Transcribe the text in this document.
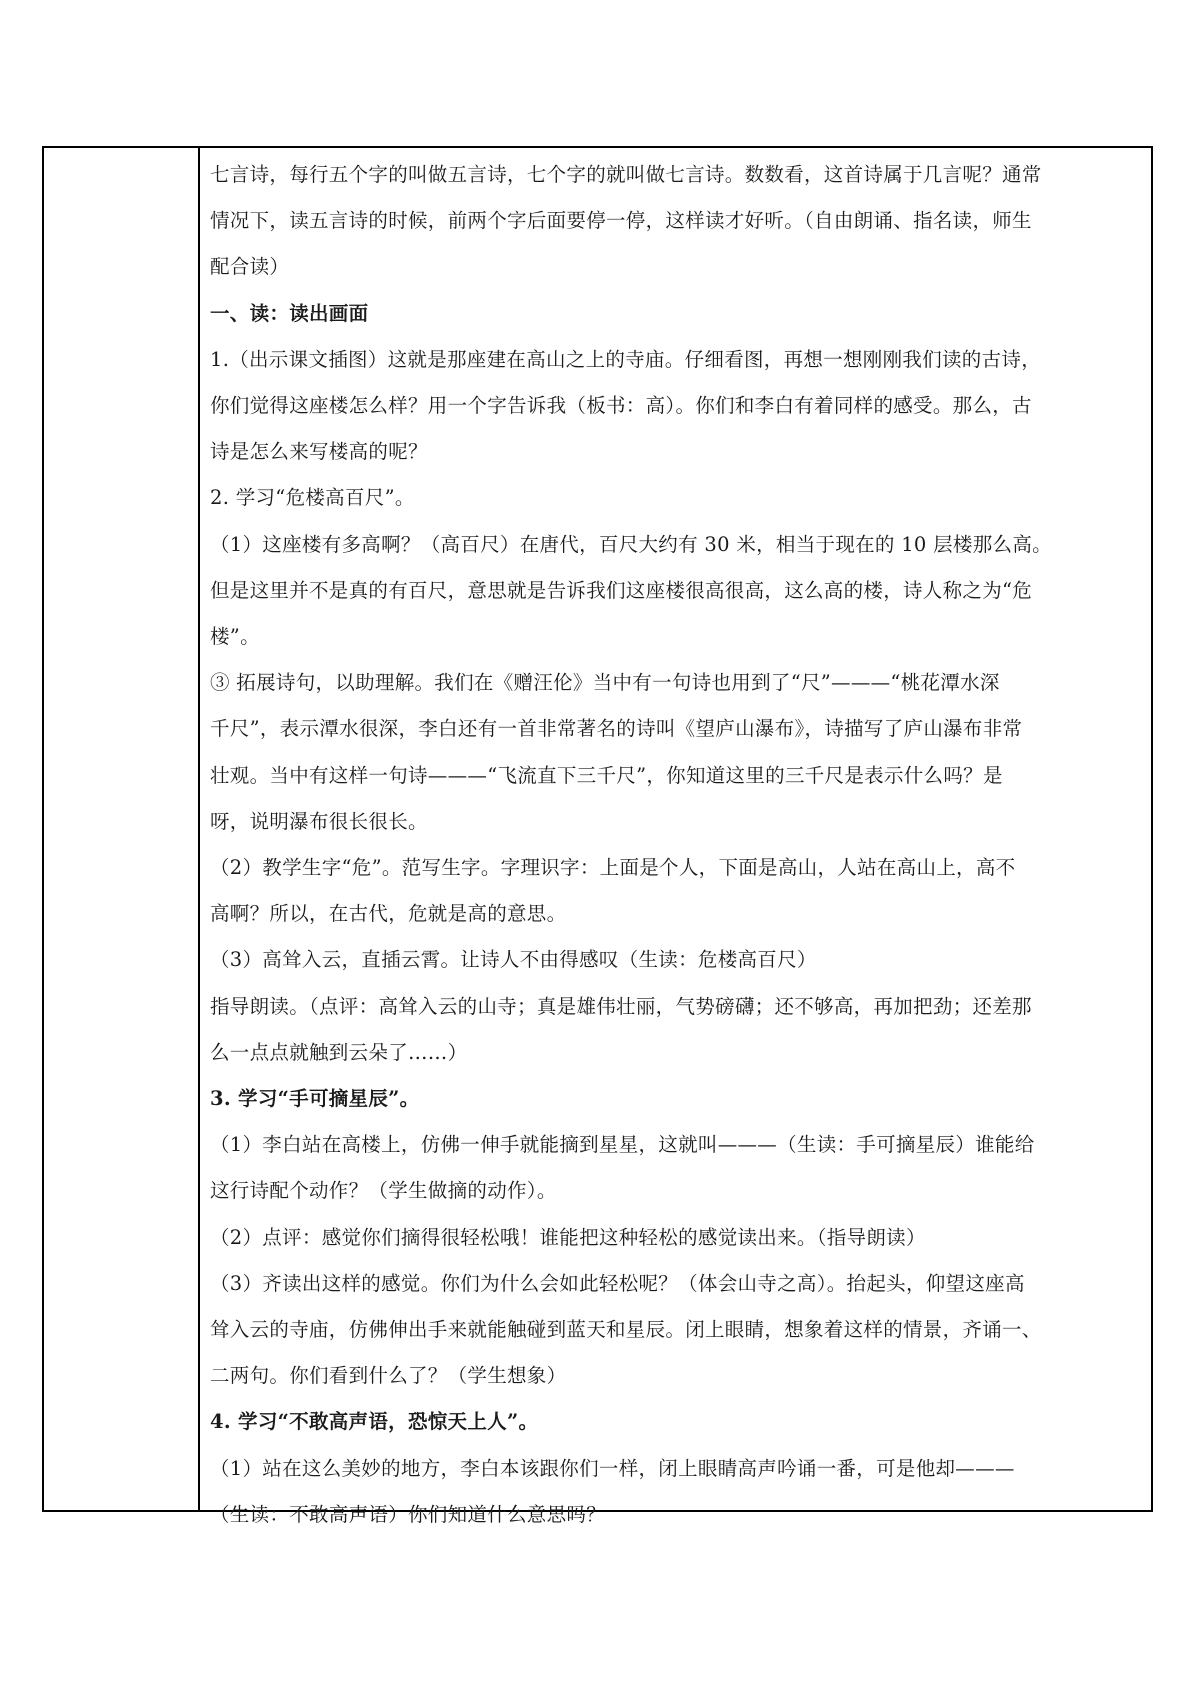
七言诗，每行五个字的叫做五言诗，七个字的就叫做七言诗。数数看，这首诗属于几言呢？通常
情况下，读五言诗的时候，前两个字后面要停一停，这样读才好听。（自由朗诵、指名读，师生
配合读）
一、读：读出画面
1.（出示课文插图）这就是那座建在高山之上的寺庙。仔细看图，再想一想刚刚我们读的古诗，
你们觉得这座楼怎么样？用一个字告诉我（板书：高）。你们和李白有着同样的感受。那么，古
诗是怎么来写楼高的呢？
2. 学习“危楼高百尺”。
（1）这座楼有多高啊？（高百尺）在唐代，百尺大约有 30 米，相当于现在的 10 层楼那么高。
但是这里并不是真的有百尺，意思就是告诉我们这座楼很高很高，这么高的楼，诗人称之为“危
楼”。
③ 拓展诗句，以助理解。我们在《赠汪伦》当中有一句诗也用到了“尺”———“桃花潭水深
千尺”，表示潭水很深，李白还有一首非常著名的诗叫《望庐山瀑布》，诗描写了庐山瀑布非常
壮观。当中有这样一句诗———“飞流直下三千尺”，你知道这里的三千尺是表示什么吗？是
呀，说明瀑布很长很长。
（2）教学生字“危”。范写生字。字理识字：上面是个人，下面是高山，人站在高山上，高不
高啊？所以，在古代，危就是高的意思。
（3）高耸入云，直插云霄。让诗人不由得感叹（生读：危楼高百尺）
指导朗读。（点评：高耸入云的山寺；真是雄伟壮丽，气势磅礴；还不够高，再加把劲；还差那
么一点点就触到云朵了……）
3. 学习“手可摘星辰”。
（1）李白站在高楼上，仿佛一伸手就能摘到星星，这就叫———（生读：手可摘星辰）谁能给
这行诗配个动作？（学生做摘的动作）。
（2）点评：感觉你们摘得很轻松哦！谁能把这种轻松的感觉读出来。（指导朗读）
（3）齐读出这样的感觉。你们为什么会如此轻松呢？（体会山寺之高）。抬起头，仰望这座高
耸入云的寺庙，仿佛伸出手来就能触碰到蓝天和星辰。闭上眼睛，想象着这样的情景，齐诵一、
二两句。你们看到什么了？（学生想象）
4. 学习“不敢高声语，恐惊天上人”。
（1）站在这么美妙的地方，李白本该跟你们一样，闭上眼睛高声吟诵一番，可是他却———
（生读：不敢高声语）你们知道什么意思吗？
